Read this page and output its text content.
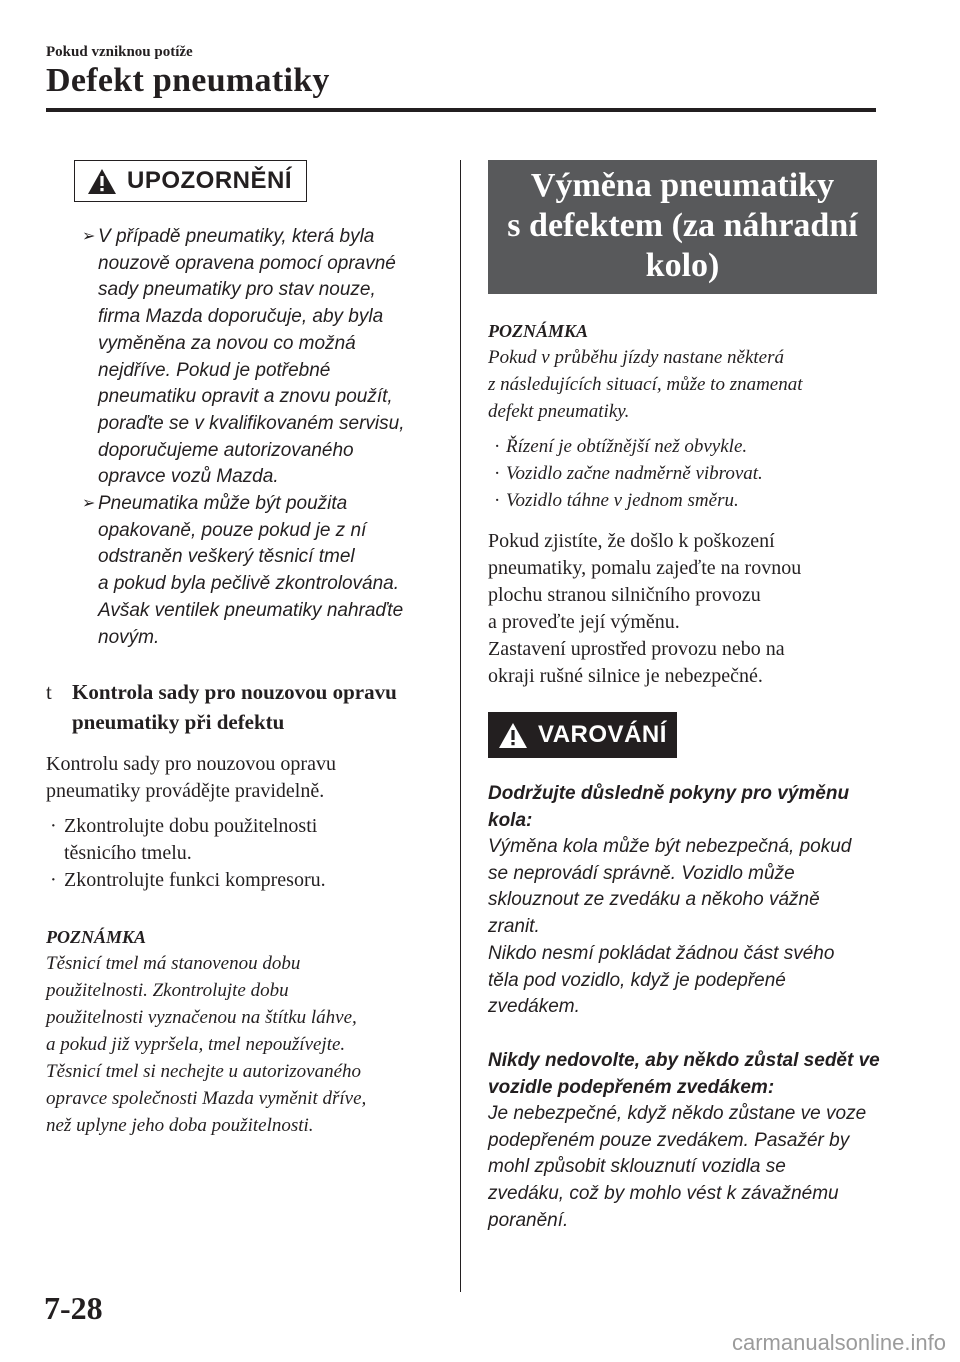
Pokud vzniknou potíže
Defekt pneumatiky
UPOZORNĚNÍ
➢ V případě pneumatiky, která byla
nouzově opravena pomocí opravné
sady pneumatiky pro stav nouze,
firma Mazda doporučuje, aby byla
vyměněna za novou co možná
nejdříve. Pokud je potřebné
pneumatiku opravit a znovu použít,
poraďte se v kvalifikovaném servisu,
doporučujeme autorizovaného
opravce vozů Mazda.
➢ Pneumatika může být použita
opakovaně, pouze pokud je z ní
odstraněn veškerý těsnicí tmel
a pokud byla pečlivě zkontrolována.
Avšak ventilek pneumatiky nahraďte
novým.
t Kontrola sady pro nouzovou opravu
pneumatiky při defektu
Kontrolu sady pro nouzovou opravu
pneumatiky provádějte pravidelně.
· Zkontrolujte dobu použitelnosti
těsnicího tmelu.
· Zkontrolujte funkci kompresoru.
POZNÁMKA
Těsnicí tmel má stanovenou dobu
použitelnosti. Zkontrolujte dobu
použitelnosti vyznačenou na štítku láhve,
a pokud již vypršela, tmel nepoužívejte.
Těsnicí tmel si nechejte u autorizovaného
opravce společnosti Mazda vyměnit dříve,
než uplyne jeho doba použitelnosti.
Výměna pneumatiky
s defektem (za náhradní
kolo)
POZNÁMKA
Pokud v průběhu jízdy nastane některá
z následujících situací, může to znamenat
defekt pneumatiky.
· Řízení je obtížnější než obvykle.
· Vozidlo začne nadměrně vibrovat.
· Vozidlo táhne v jednom směru.
Pokud zjistíte, že došlo k poškození
pneumatiky, pomalu zajeďte na rovnou
plochu stranou silničního provozu
a proveďte její výměnu.
Zastavení uprostřed provozu nebo na
okraji rušné silnice je nebezpečné.
VAROVÁNÍ
Dodržujte důsledně pokyny pro výměnu
kola:
Výměna kola může být nebezpečná, pokud
se neprovádí správně. Vozidlo může
sklouznout ze zvedáku a někoho vážně
zranit.
Nikdo nesmí pokládat žádnou část svého
těla pod vozidlo, když je podepřené
zvedákem.
Nikdy nedovolte, aby někdo zůstal sedět ve
vozidle podepřeném zvedákem:
Je nebezpečné, když někdo zůstane ve voze
podepřeném pouze zvedákem. Pasažér by
mohl způsobit sklouznutí vozidla se
zvedáku, což by mohlo vést k závažnému
poranění.
7-28
carmanualsonline.info
